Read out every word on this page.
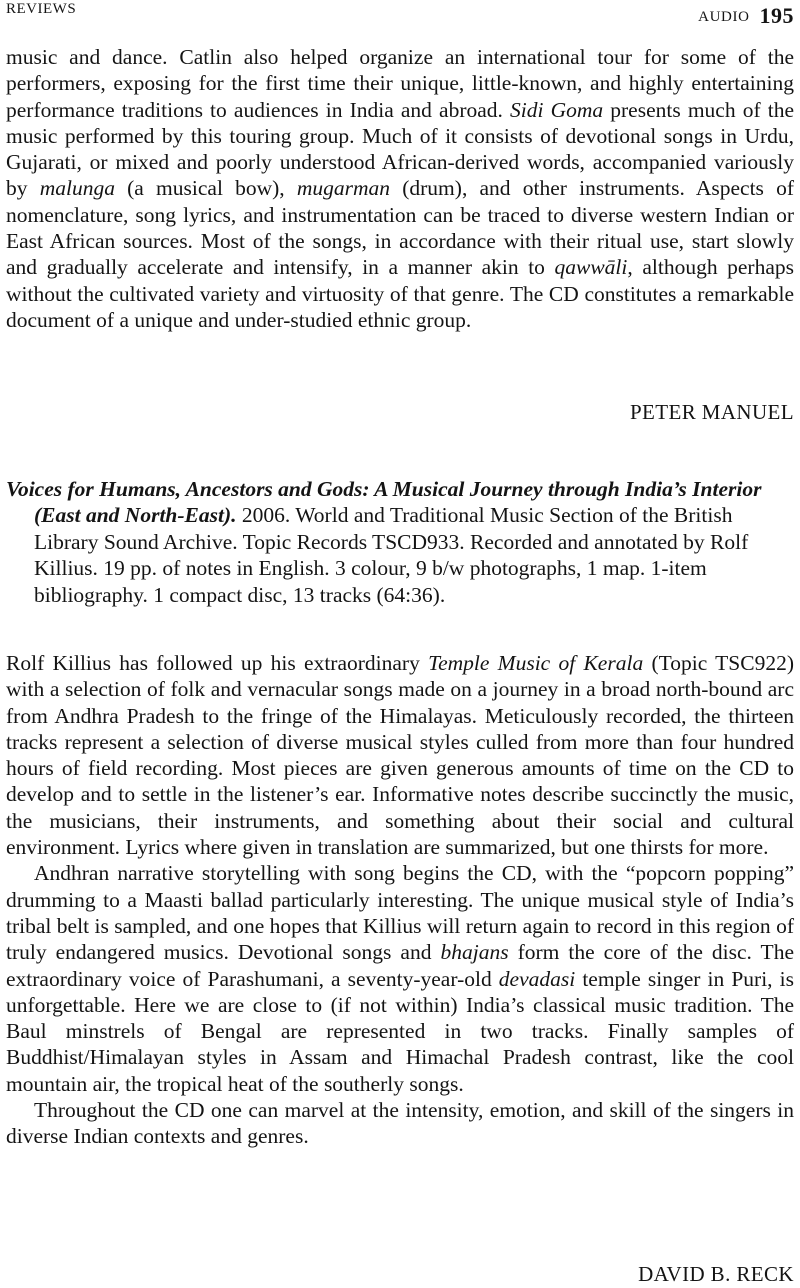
REVIEWS	AUDIO 195

music and dance. Catlin also helped organize an international tour for some of the performers, exposing for the first time their unique, little-known, and highly entertaining performance traditions to audiences in India and abroad. Sidi Goma presents much of the music performed by this touring group. Much of it consists of devotional songs in Urdu, Gujarati, or mixed and poorly understood African-derived words, accompanied variously by malunga (a musical bow), mugarman (drum), and other instruments. Aspects of nomenclature, song lyrics, and instrumentation can be traced to diverse western Indian or East African sources. Most of the songs, in accordance with their ritual use, start slowly and gradually accelerate and intensify, in a manner akin to qawwāli, although perhaps without the cultivated variety and virtuosity of that genre. The CD constitutes a remarkable document of a unique and under-studied ethnic group.

PETER MANUEL
Voices for Humans, Ancestors and Gods: A Musical Journey through India’s Interior (East and North-East). 2006. World and Traditional Music Section of the British Library Sound Archive. Topic Records TSCD933. Recorded and annotated by Rolf Killius. 19 pp. of notes in English. 3 colour, 9 b/w photographs, 1 map. 1-item bibliography. 1 compact disc, 13 tracks (64:36).

Rolf Killius has followed up his extraordinary Temple Music of Kerala (Topic TSC922) with a selection of folk and vernacular songs made on a journey in a broad north-bound arc from Andhra Pradesh to the fringe of the Himalayas. Meticulously recorded, the thirteen tracks represent a selection of diverse musical styles culled from more than four hundred hours of field recording. Most pieces are given generous amounts of time on the CD to develop and to settle in the listener’s ear. Informative notes describe succinctly the music, the musicians, their instruments, and something about their social and cultural environment. Lyrics where given in translation are summarized, but one thirsts for more.

Andhran narrative storytelling with song begins the CD, with the “popcorn popping” drumming to a Maasti ballad particularly interesting. The unique musical style of India’s tribal belt is sampled, and one hopes that Killius will return again to record in this region of truly endangered musics. Devotional songs and bhajans form the core of the disc. The extraordinary voice of Parashumani, a seventy-year-old devadasi temple singer in Puri, is unforgettable. Here we are close to (if not within) India’s classical music tradition. The Baul minstrels of Bengal are represented in two tracks. Finally samples of Buddhist/Himalayan styles in Assam and Himachal Pradesh contrast, like the cool mountain air, the tropical heat of the southerly songs.

Throughout the CD one can marvel at the intensity, emotion, and skill of the singers in diverse Indian contexts and genres.

DAVID B. RECK
